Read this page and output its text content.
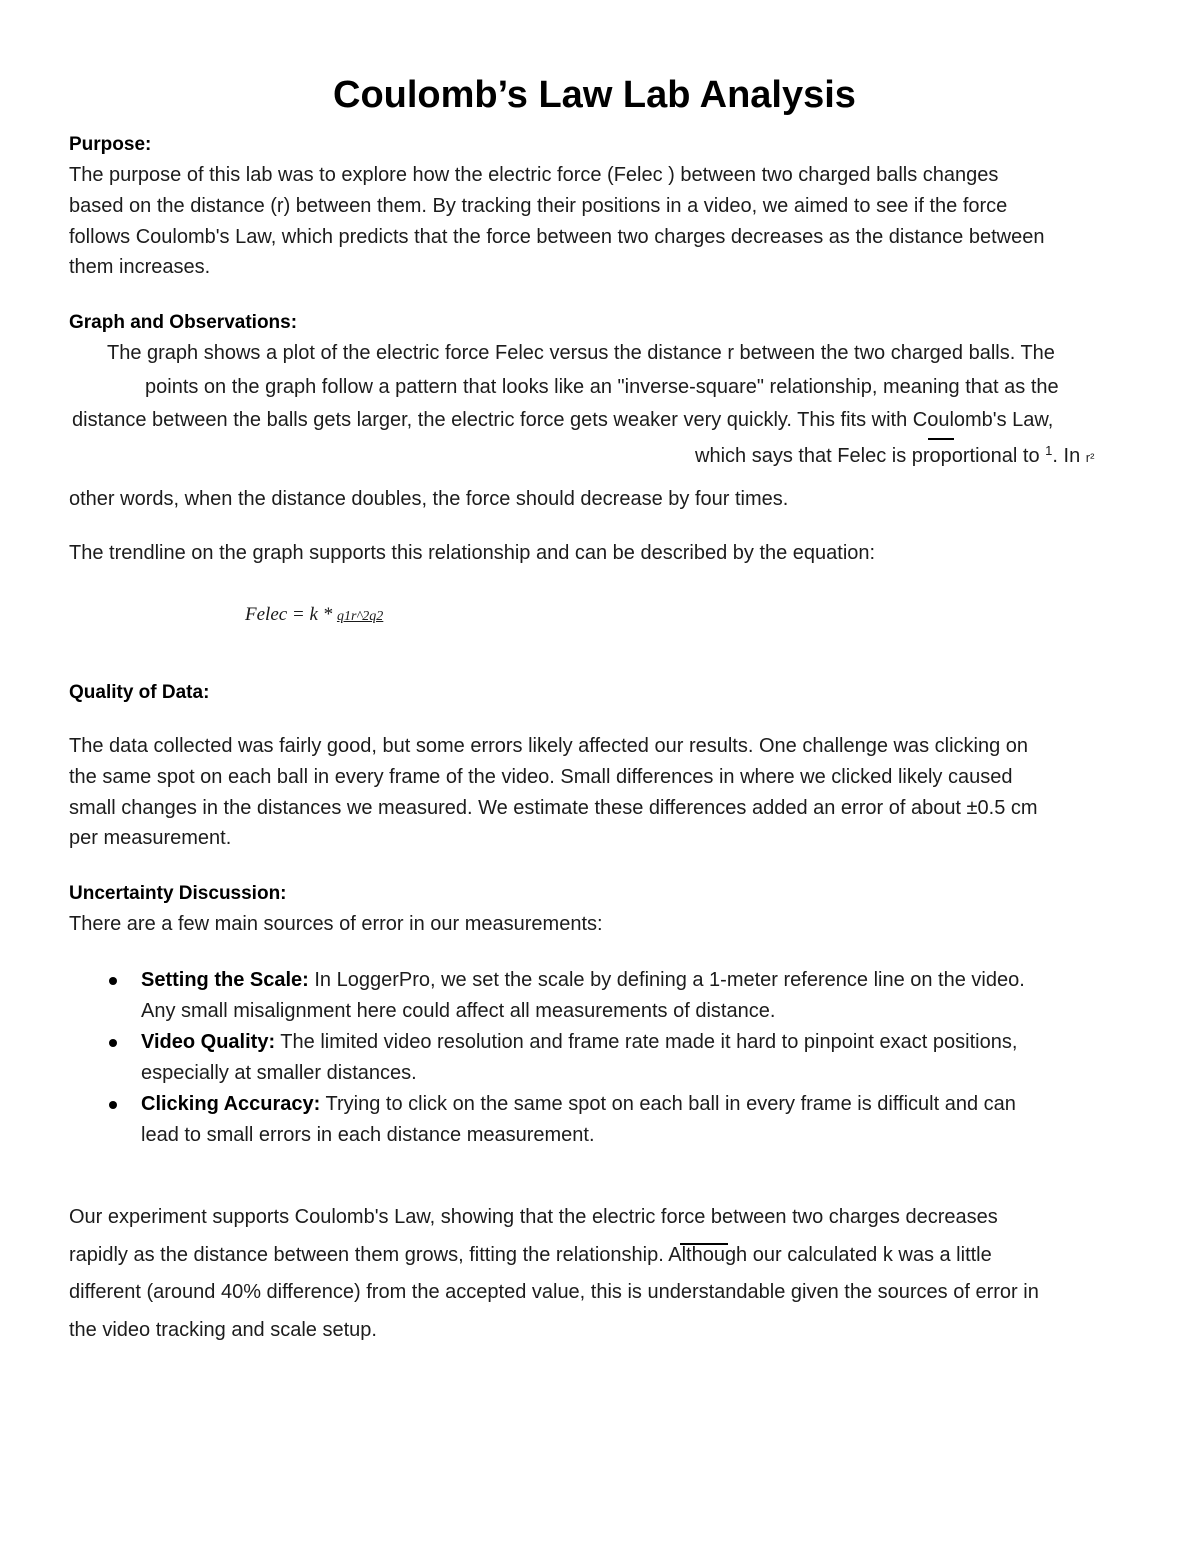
Coulomb’s Law Lab Analysis
Purpose:
The purpose of this lab was to explore how the electric force (Felec ) between two charged balls changes
based on the distance (r) between them. By tracking their positions in a video, we aimed to see if the force
follows Coulomb's Law, which predicts that the force between two charges decreases as the distance between
them increases.
Graph and Observations:
The graph shows a plot of the electric force Felec versus the distance r between the two charged balls. The
points on the graph follow a pattern that looks like an "inverse-square" relationship, meaning that as the
distance between the balls gets larger, the electric force gets weaker very quickly. This fits with Coulomb's Law,
which says that Felec is proportional to $^1$. In r²
other words, when the distance doubles, the force should decrease by four times.
The trendline on the graph supports this relationship and can be described by the equation:
Felec = k * q1r^2q2
Quality of Data:
The data collected was fairly good, but some errors likely affected our results. One challenge was clicking on
the same spot on each ball in every frame of the video. Small differences in where we clicked likely caused
small changes in the distances we measured. We estimate these differences added an error of about ±0.5 cm
per measurement.
Uncertainty Discussion:
There are a few main sources of error in our measurements:
Setting the Scale: In LoggerPro, we set the scale by defining a 1-meter reference line on the video.
Any small misalignment here could affect all measurements of distance.
Video Quality: The limited video resolution and frame rate made it hard to pinpoint exact positions,
especially at smaller distances.
Clicking Accuracy: Trying to click on the same spot on each ball in every frame is difficult and can
lead to small errors in each distance measurement.
Our experiment supports Coulomb's Law, showing that the electric force between two charges decreases
rapidly as the distance between them grows, fitting the relationship. Although our calculated k was a little
different (around 40% difference) from the accepted value, this is understandable given the sources of error in
the video tracking and scale setup.
